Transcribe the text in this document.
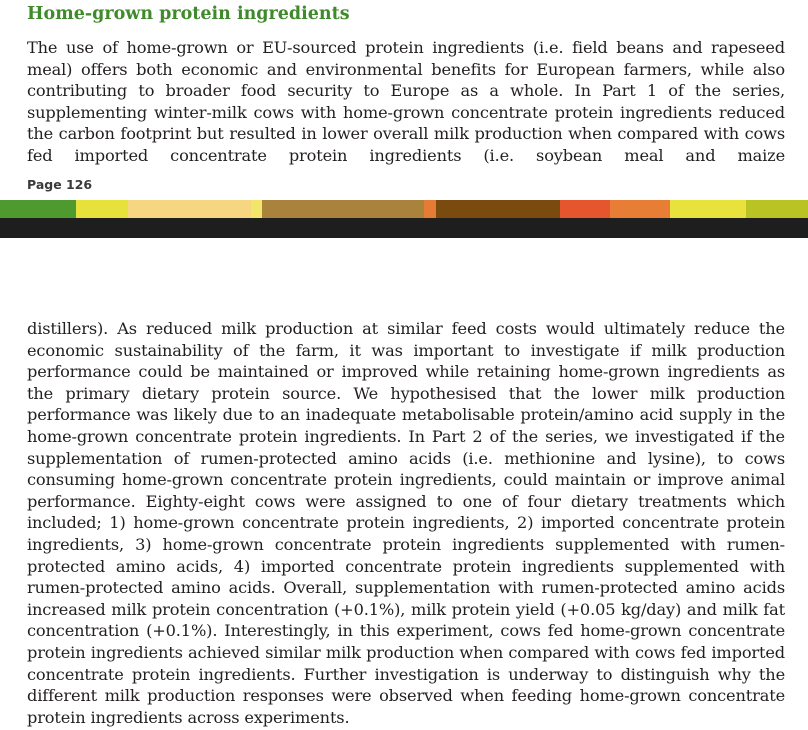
Home-grown protein ingredients
The use of home-grown or EU-sourced protein ingredients (i.e. field beans and rapeseed meal) offers both economic and environmental benefits for European farmers, while also contributing to broader food security to Europe as a whole. In Part 1 of the series, supplementing winter-milk cows with home-grown concentrate protein ingredients reduced the carbon footprint but resulted in lower overall milk production when compared with cows fed imported concentrate protein ingredients (i.e. soybean meal and maize
Page 126
distillers). As reduced milk production at similar feed costs would ultimately reduce the economic sustainability of the farm, it was important to investigate if milk production performance could be maintained or improved while retaining home-grown ingredients as the primary dietary protein source. We hypothesised that the lower milk production performance was likely due to an inadequate metabolisable protein/amino acid supply in the home-grown concentrate protein ingredients. In Part 2 of the series, we investigated if the supplementation of rumen-protected amino acids (i.e. methionine and lysine), to cows consuming home-grown concentrate protein ingredients, could maintain or improve animal performance. Eighty-eight cows were assigned to one of four dietary treatments which included; 1) home-grown concentrate protein ingredients, 2) imported concentrate protein ingredients, 3) home-grown concentrate protein ingredients supplemented with rumen-protected amino acids, 4) imported concentrate protein ingredients supplemented with rumen-protected amino acids. Overall, supplementation with rumen-protected amino acids increased milk protein concentration (+0.1%), milk protein yield (+0.05 kg/day) and milk fat concentration (+0.1%). Interestingly, in this experiment, cows fed home-grown concentrate protein ingredients achieved similar milk production when compared with cows fed imported concentrate protein ingredients. Further investigation is underway to distinguish why the different milk production responses were observed when feeding home-grown concentrate protein ingredients across experiments.
